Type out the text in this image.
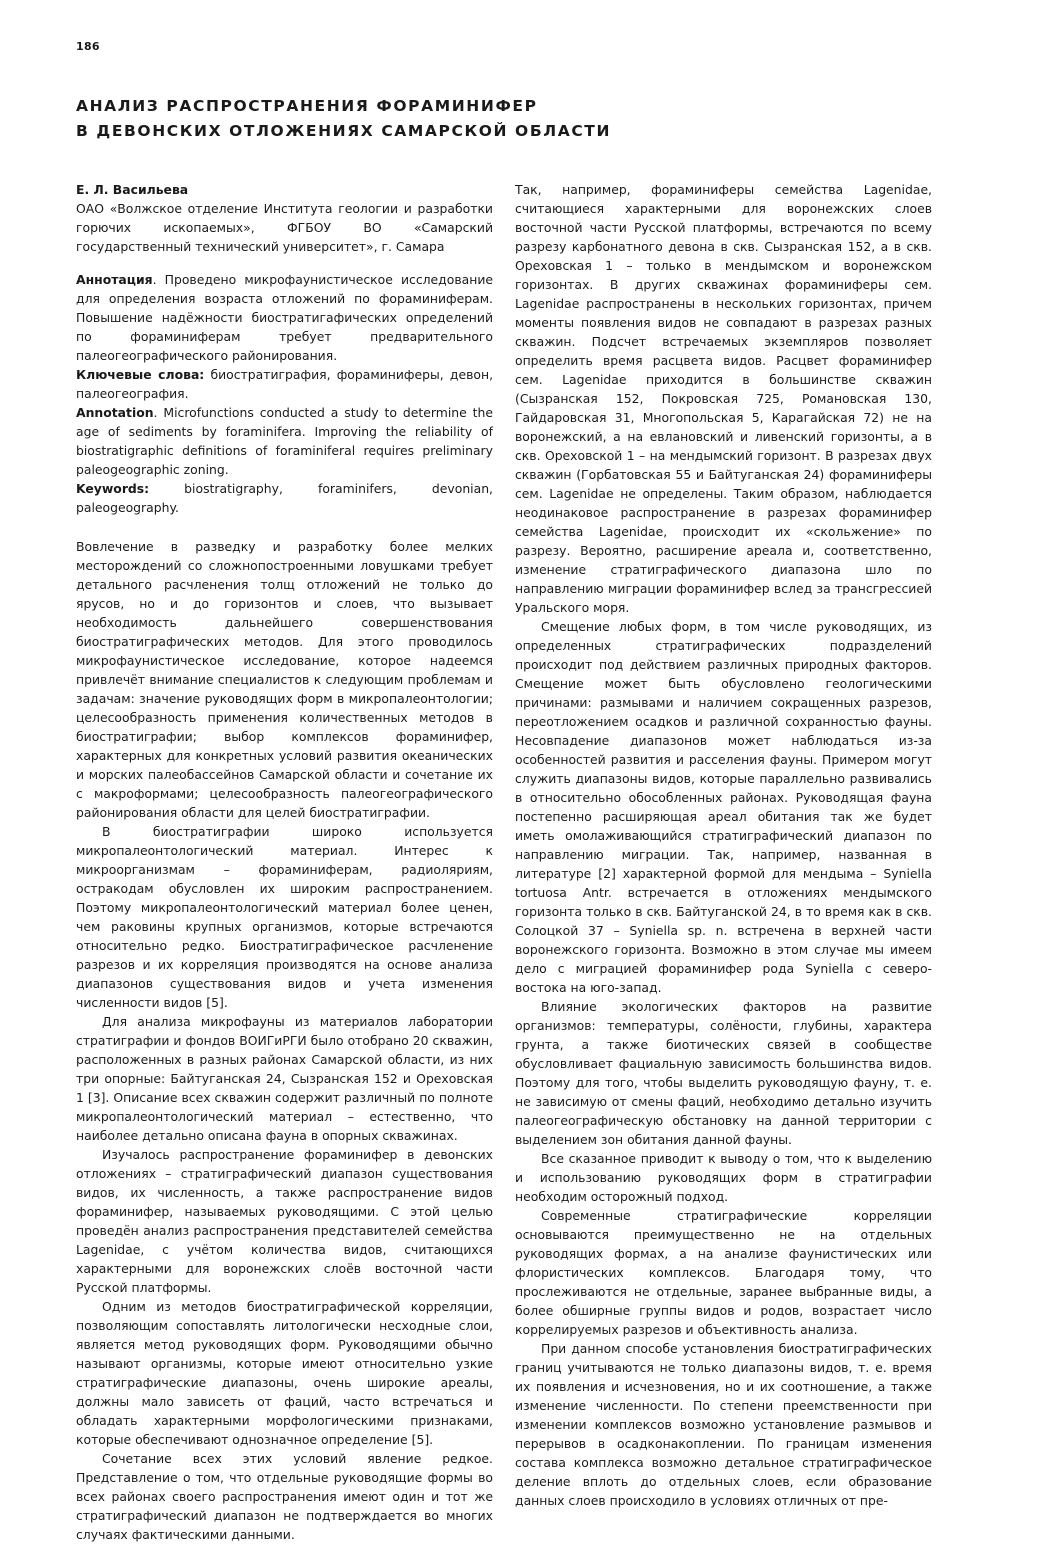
186
АНАЛИЗ РАСПРОСТРАНЕНИЯ ФОРАМИНИФЕР
В ДЕВОНСКИХ ОТЛОЖЕНИЯХ САМАРСКОЙ ОБЛАСТИ

Е. Л. Васильева

ОАО «Волжское отделение Института геологии и разработки горючих ископаемых», ФГБОУ ВО «Самарский государственный технический университет», г. Самара

Аннотация. Проведено микрофаунистическое исследование для определения возраста отложений по фораминиферам. Повышение надёжности биостратигафических определений по фораминиферам требует предварительного палеогеографического районирования.

Ключевые слова: биостратиграфия, фораминиферы, девон, палеогеография.

Annotation. Microfunctions conducted a study to determine the age of sediments by foraminifera. Improving the reliability of biostratigraphic definitions of foraminiferal requires preliminary paleogeographic zoning.

Keywords: biostratigraphy, foraminifers, devonian, paleogeography.

Вовлечение в разведку и разработку более мелких месторождений со сложнопостроенными ловушками требует детального расчленения толщ отложений не только до ярусов, но и до горизонтов и слоев, что вызывает необходимость дальнейшего совершенствования биостратиграфических методов. Для этого проводилось микрофаунистическое исследование, которое надеемся привлечёт внимание специалистов к следующим проблемам и задачам: значение руководящих форм в микропалеонтологии; целесообразность применения количественных методов в биостратиграфии; выбор комплексов фораминифер, характерных для конкретных условий развития океанических и морских палеобассейнов Самарской области и сочетание их с макроформами; целесообразность палеогеографического районирования области для целей биостратиграфии.

В биостратиграфии широко используется микропалеонтологический материал. Интерес к микроорганизмам – фораминиферам, радиоляриям, остракодам обусловлен их широким распространением. Поэтому микропалеонтологический материал более ценен, чем раковины крупных организмов, которые встречаются относительно редко. Биостратиграфическое расчленение разрезов и их корреляция производятся на основе анализа диапазонов существования видов и учета изменения численности видов [5].

Для анализа микрофауны из материалов лаборатории стратиграфии и фондов ВОИГиРГИ было отобрано 20 скважин, расположенных в разных районах Самарской области, из них три опорные: Байтуганская 24, Сызранская 152 и Ореховская 1 [3]. Описание всех скважин содержит различный по полноте микропалеонтологический материал – естественно, что наиболее детально описана фауна в опорных скважинах.

Изучалось распространение фораминифер в девонских отложениях – стратиграфический диапазон существования видов, их численность, а также распространение видов фораминифер, называемых руководящими. С этой целью проведён анализ распространения представителей семейства Lagenidae, с учётом количества видов, считающихся характерными для воронежских слоёв восточной части Русской платформы.

Одним из методов биостратиграфической корреляции, позволяющим сопоставлять литологически несходные слои, является метод руководящих форм. Руководящими обычно называют организмы, которые имеют относительно узкие стратиграфические диапазоны, очень широкие ареалы, должны мало зависеть от фаций, часто встречаться и обладать характерными морфологическими признаками, которые обеспечивают однозначное определение [5].

Сочетание всех этих условий явление редкое. Представление о том, что отдельные руководящие формы во всех районах своего распространения имеют один и тот же стратиграфический диапазон не подтверждается во многих случаях фактическими данными.

Так, например, фораминиферы семейства Lagenidae, считающиеся характерными для воронежских слоев восточной части Русской платформы, встречаются по всему разрезу карбонатного девона в скв. Сызранская 152, а в скв. Ореховская 1 – только в мендымском и воронежском горизонтах. В других скважинах фораминиферы сем. Lagenidae распространены в нескольких горизонтах, причем моменты появления видов не совпадают в разрезах разных скважин. Подсчет встречаемых экземпляров позволяет определить время расцвета видов. Расцвет фораминифер сем. Lagenidae приходится в большинстве скважин (Сызранская 152, Покровская 725, Романовская 130, Гайдаровская 31, Многопольская 5, Карагайская 72) не на воронежский, а на евлановский и ливенский горизонты, а в скв. Ореховской 1 – на мендымский горизонт. В разрезах двух скважин (Горбатовская 55 и Байтуганская 24) фораминиферы сем. Lagenidae не определены. Таким образом, наблюдается неодинаковое распространение в разрезах фораминифер семейства Lagenidae, происходит их «скольжение» по разрезу. Вероятно, расширение ареала и, соответственно, изменение стратиграфического диапазона шло по направлению миграции фораминифер вслед за трансгрессией Уральского моря.

Смещение любых форм, в том числе руководящих, из определенных стратиграфических подразделений происходит под действием различных природных факторов. Смещение может быть обусловлено геологическими причинами: размывами и наличием сокращенных разрезов, переотложением осадков и различной сохранностью фауны. Несовпадение диапазонов может наблюдаться из-за особенностей развития и расселения фауны. Примером могут служить диапазоны видов, которые параллельно развивались в относительно обособленных районах. Руководящая фауна постепенно расширяющая ареал обитания так же будет иметь омолаживающийся стратиграфический диапазон по направлению миграции. Так, например, названная в литературе [2] характерной формой для мендыма – Syniella tortuosa Antr. встречается в отложениях мендымского горизонта только в скв. Байтуганской 24, в то время как в скв. Солоцкой 37 – Syniella sp. n. встречена в верхней части воронежского горизонта. Возможно в этом случае мы имеем дело с миграцией фораминифер рода Syniella с северо-востока на юго-запад.

Влияние экологических факторов на развитие организмов: температуры, солёности, глубины, характера грунта, а также биотических связей в сообществе обусловливает фациальную зависимость большинства видов. Поэтому для того, чтобы выделить руководящую фауну, т. е. не зависимую от смены фаций, необходимо детально изучить палеогеографическую обстановку на данной территории с выделением зон обитания данной фауны.

Все сказанное приводит к выводу о том, что к выделению и использованию руководящих форм в стратиграфии необходим осторожный подход.

Современные стратиграфические корреляции основываются преимущественно не на отдельных руководящих формах, а на анализе фаунистических или флористических комплексов. Благодаря тому, что прослеживаются не отдельные, заранее выбранные виды, а более обширные группы видов и родов, возрастает число коррелируемых разрезов и объективность анализа.

При данном способе установления биостратиграфических границ учитываются не только диапазоны видов, т. е. время их появления и исчезновения, но и их соотношение, а также изменение численности. По степени преемственности при изменении комплексов возможно установление размывов и перерывов в осадконакоплении. По границам изменения состава комплекса возможно детальное стратиграфическое деление вплоть до отдельных слоев, если образование данных слоев происходило в условиях отличных от пре-
